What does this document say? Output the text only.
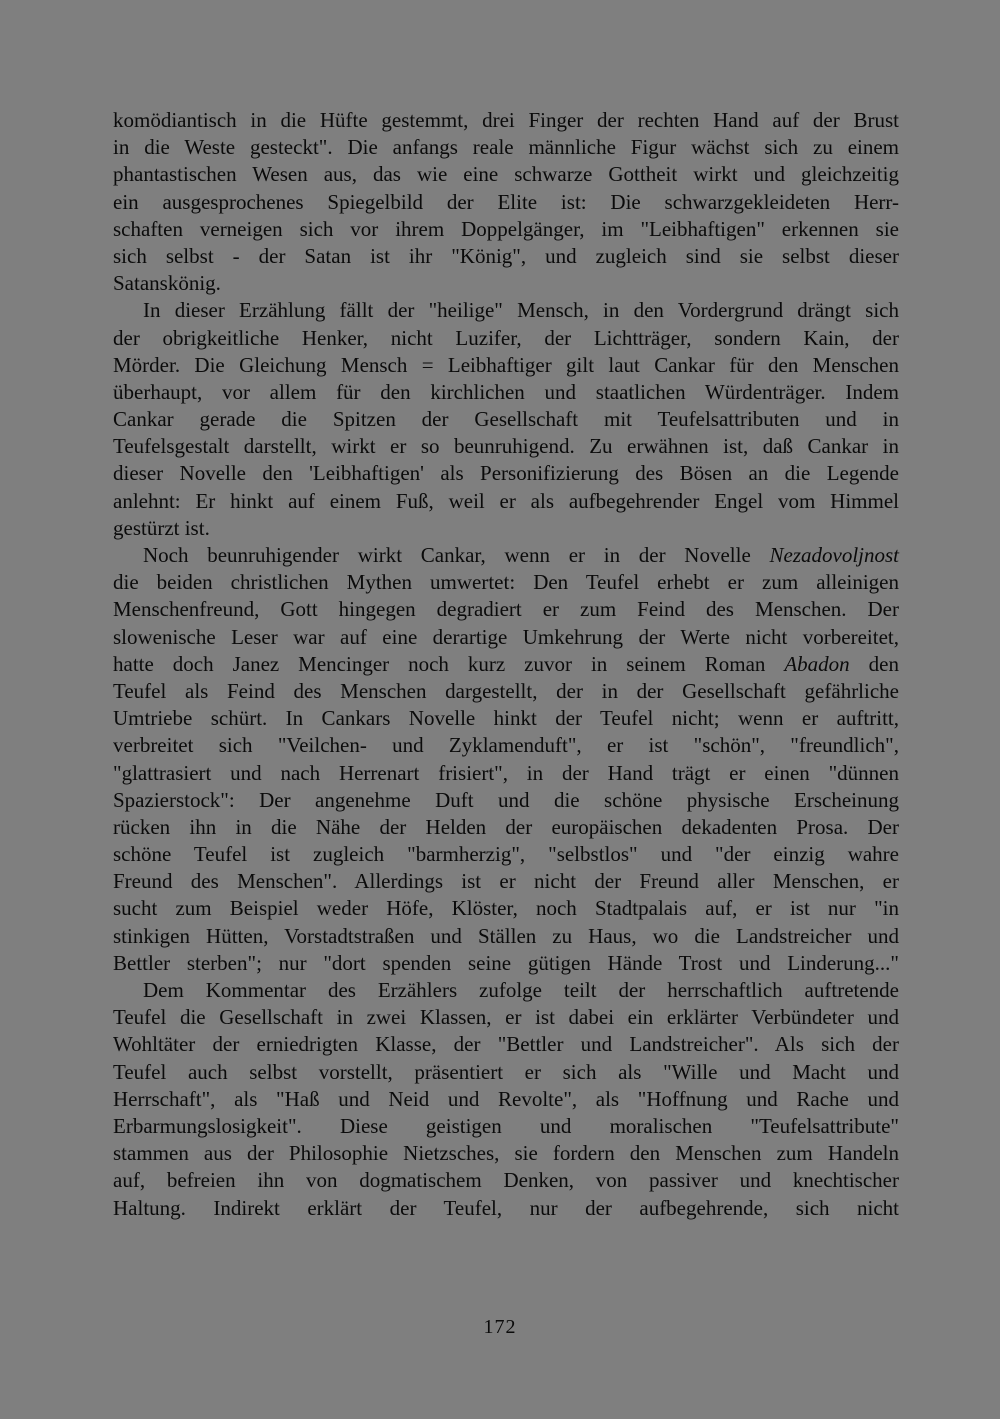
komödiantisch in die Hüfte gestemmt, drei Finger der rechten Hand auf der Brust
in die Weste gesteckt". Die anfangs reale männliche Figur wächst sich zu einem
phantastischen Wesen aus, das wie eine schwarze Gottheit wirkt und gleichzeitig
ein ausgesprochenes Spiegelbild der Elite ist: Die schwarzgekleideten Herr-
schaften verneigen sich vor ihrem Doppelgänger, im "Leibhaftigen" erkennen sie
sich selbst - der Satan ist ihr "König", und zugleich sind sie selbst dieser
Satanskönig.
In dieser Erzählung fällt der "heilige" Mensch, in den Vordergrund drängt sich
der obrigkeitliche Henker, nicht Luzifer, der Lichtträger, sondern Kain, der
Mörder. Die Gleichung Mensch = Leibhaftiger gilt laut Cankar für den Menschen
überhaupt, vor allem für den kirchlichen und staatlichen Würdenträger. Indem
Cankar gerade die Spitzen der Gesellschaft mit Teufelsattributen und in
Teufelsgestalt darstellt, wirkt er so beunruhigend. Zu erwähnen ist, daß Cankar in
dieser Novelle den 'Leibhaftigen' als Personifizierung des Bösen an die Legende
anlehnt: Er hinkt auf einem Fuß, weil er als aufbegehrender Engel vom Himmel
gestürzt ist.
Noch beunruhigender wirkt Cankar, wenn er in der Novelle Nezadovoljnost
die beiden christlichen Mythen umwertet: Den Teufel erhebt er zum alleinigen
Menschenfreund, Gott hingegen degradiert er zum Feind des Menschen. Der
slowenische Leser war auf eine derartige Umkehrung der Werte nicht vorbereitet,
hatte doch Janez Mencinger noch kurz zuvor in seinem Roman Abadon den
Teufel als Feind des Menschen dargestellt, der in der Gesellschaft gefährliche
Umtriebe schürt. In Cankars Novelle hinkt der Teufel nicht; wenn er auftritt,
verbreitet sich "Veilchen- und Zyklamenduft", er ist "schön", "freundlich",
"glattrasiert und nach Herrenart frisiert", in der Hand trägt er einen "dünnen
Spazierstock": Der angenehme Duft und die schöne physische Erscheinung
rücken ihn in die Nähe der Helden der europäischen dekadenten Prosa. Der
schöne Teufel ist zugleich "barmherzig", "selbstlos" und "der einzig wahre
Freund des Menschen". Allerdings ist er nicht der Freund aller Menschen, er
sucht zum Beispiel weder Höfe, Klöster, noch Stadtpalais auf, er ist nur "in
stinkigen Hütten, Vorstadtstraßen und Ställen zu Haus, wo die Landstreicher und
Bettler sterben"; nur "dort spenden seine gütigen Hände Trost und Linderung..."
Dem Kommentar des Erzählers zufolge teilt der herrschaftlich auftretende
Teufel die Gesellschaft in zwei Klassen, er ist dabei ein erklärter Verbündeter und
Wohltäter der erniedrigten Klasse, der "Bettler und Landstreicher". Als sich der
Teufel auch selbst vorstellt, präsentiert er sich als "Wille und Macht und
Herrschaft", als "Haß und Neid und Revolte", als "Hoffnung und Rache und
Erbarmungslosigkeit". Diese geistigen und moralischen "Teufelsattribute"
stammen aus der Philosophie Nietzsches, sie fordern den Menschen zum Handeln
auf, befreien ihn von dogmatischem Denken, von passiver und knechtischer
Haltung. Indirekt erklärt der Teufel, nur der aufbegehrende, sich nicht
172
